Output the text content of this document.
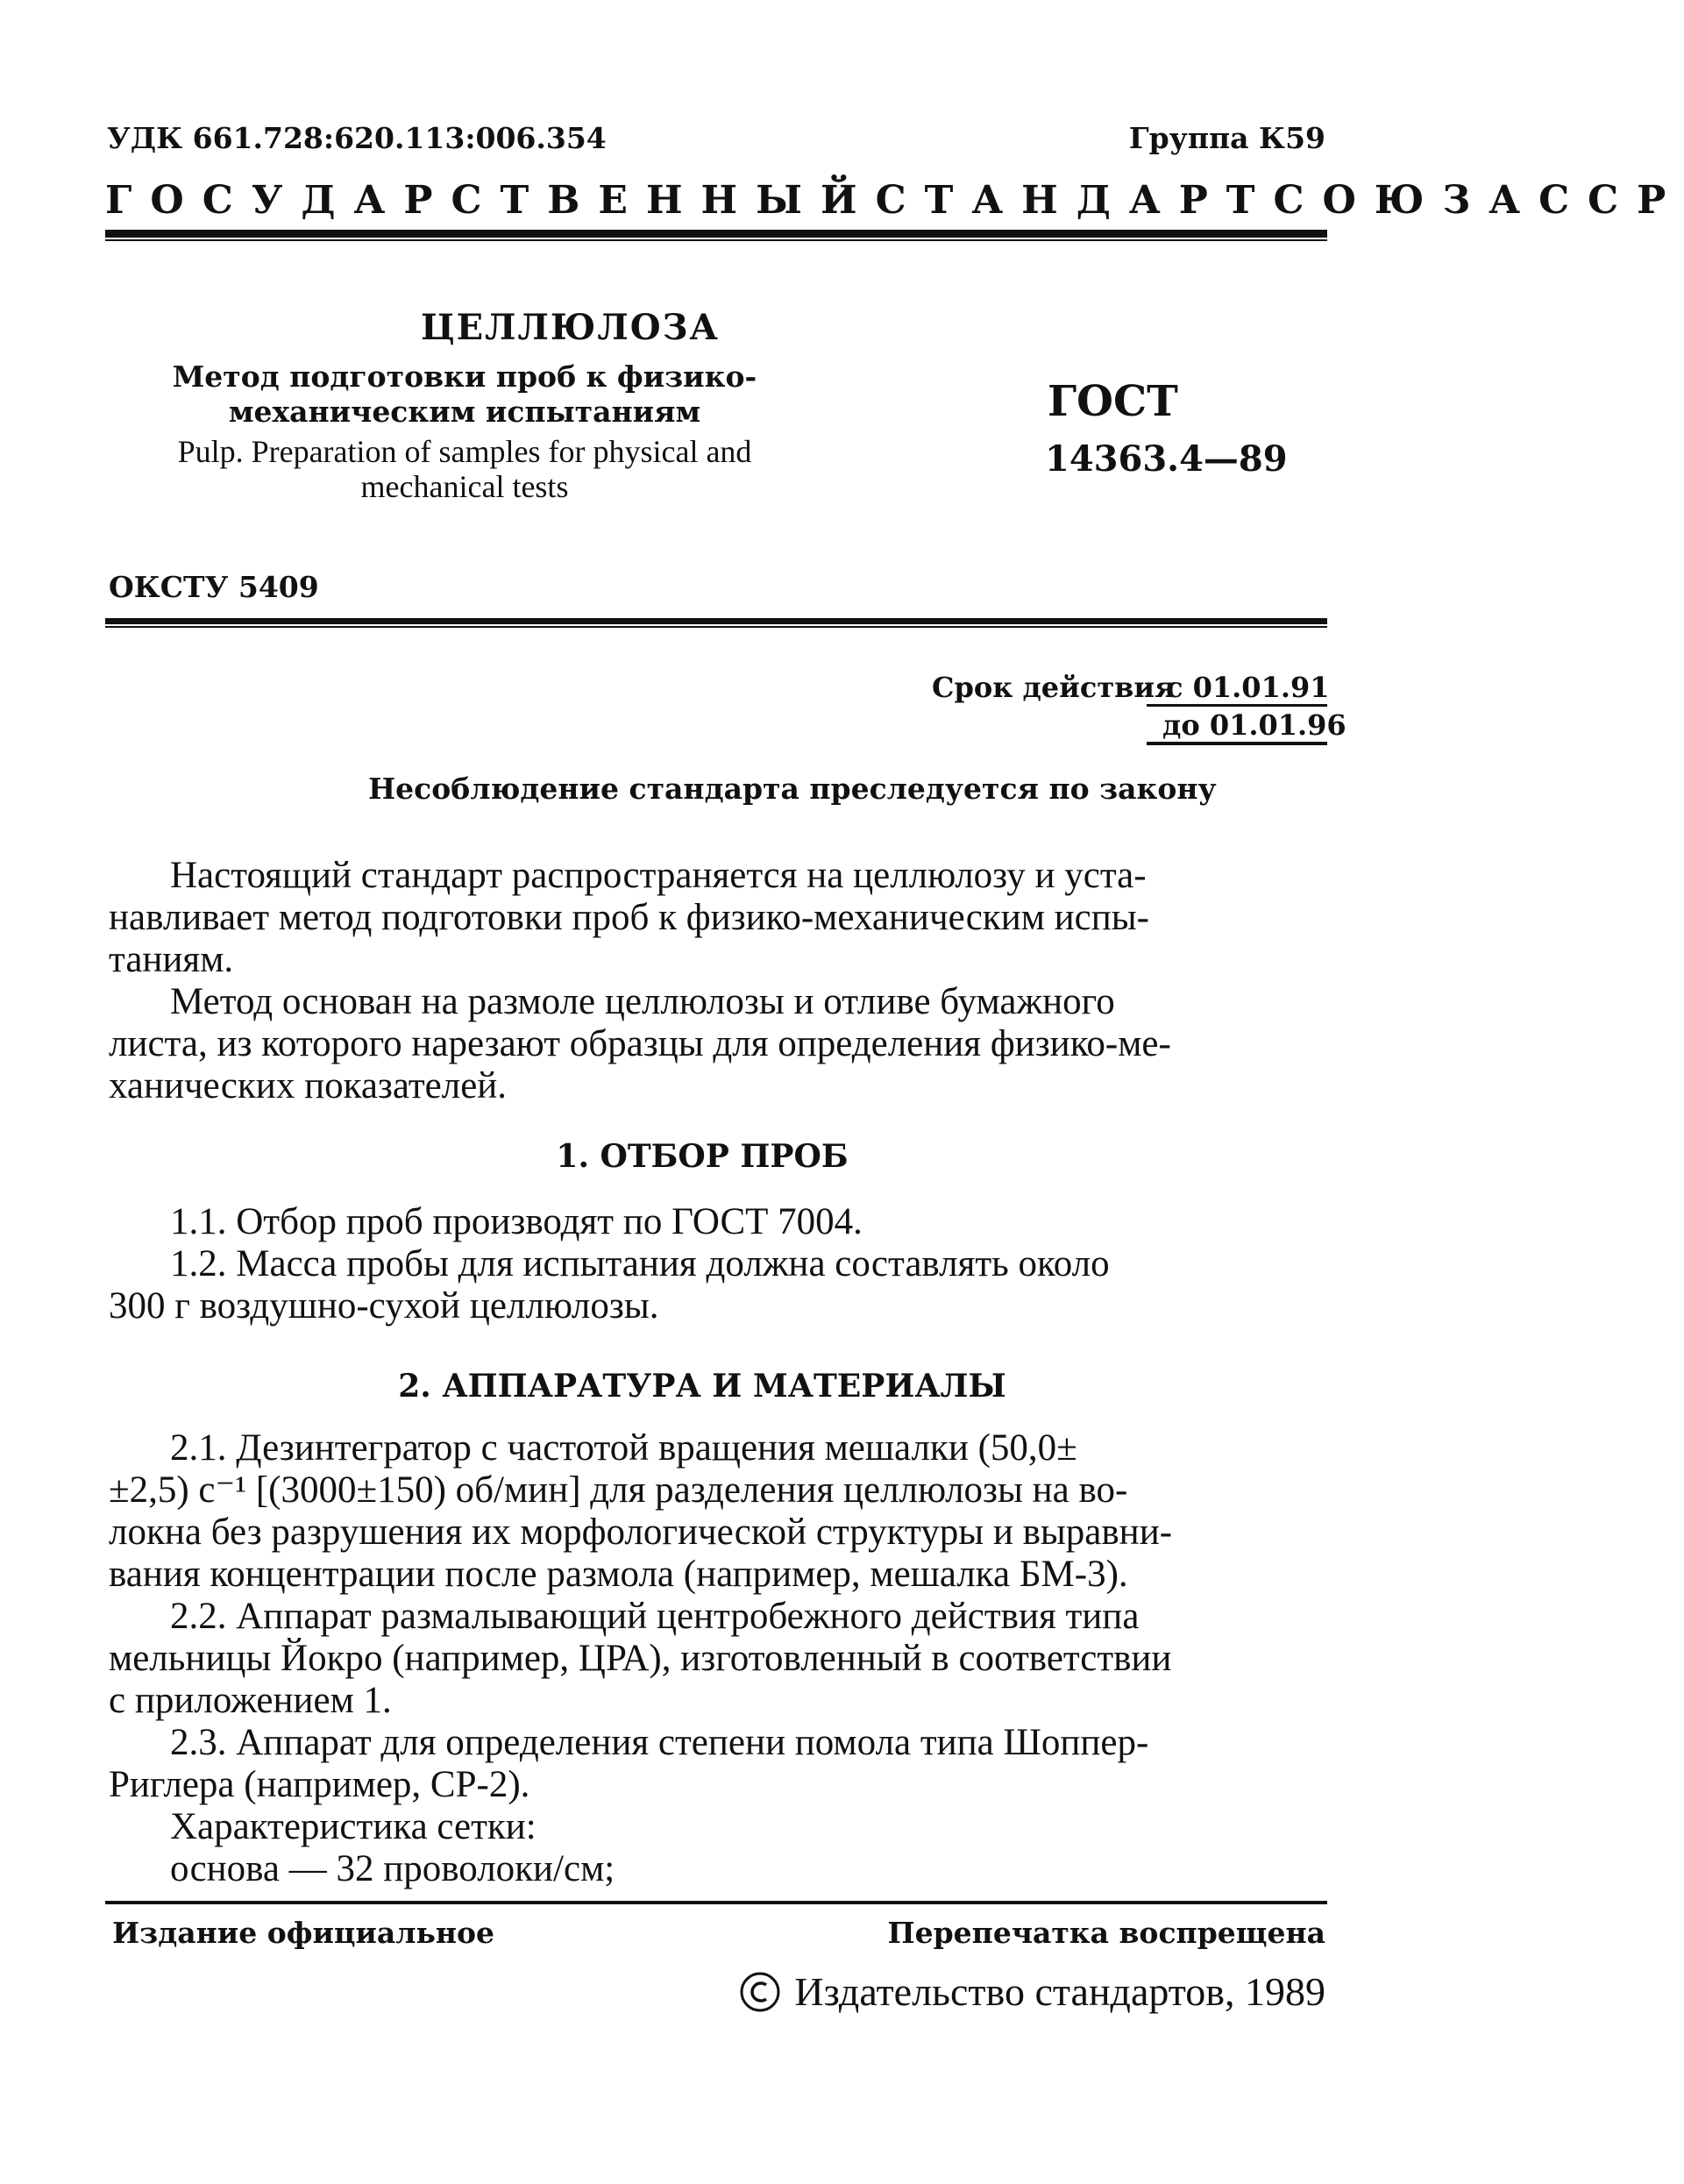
УДК 661.728:620.113:006.354	Группа К59
ГОСУДАРСТВЕННЫЙ СТАНДАРТ СОЮЗА ССР
ЦЕЛЛЮЛОЗА
Метод подготовки проб к физико-механическим испытаниям
Pulp. Preparation of samples for physical and mechanical tests
ГОСТ
14363.4—89
ОКСТУ 5409
Срок действия
с 01.01.91
до 01.01.96
Несоблюдение стандарта преследуется по закону
Настоящий стандарт распространяется на целлюлозу и уста-
навливает метод подготовки проб к физико-механическим испы-
таниям.
Метод основан на размоле целлюлозы и отливе бумажного
листа, из которого нарезают образцы для определения физико-ме-
ханических показателей.
1. ОТБОР ПРОБ
1.1. Отбор проб производят по ГОСТ 7004.
1.2. Масса пробы для испытания должна составлять около
300 г воздушно-сухой целлюлозы.
2. АППАРАТУРА И МАТЕРИАЛЫ
2.1. Дезинтегратор с частотой вращения мешалки (50,0±
±2,5) с⁻¹ [(3000±150) об/мин] для разделения целлюлозы на во-
локна без разрушения их морфологической структуры и выравни-
вания концентрации после размола (например, мешалка БМ-3).
2.2. Аппарат размалывающий центробежного действия типа
мельницы Йокро (например, ЦРА), изготовленный в соответствии
с приложением 1.
2.3. Аппарат для определения степени помола типа Шоппер-
Риглера (например, СР-2).
Характеристика сетки:
основа — 32 проволоки/см;
Издание официальное	Перепечатка воспрещена
Издательство стандартов, 1989
